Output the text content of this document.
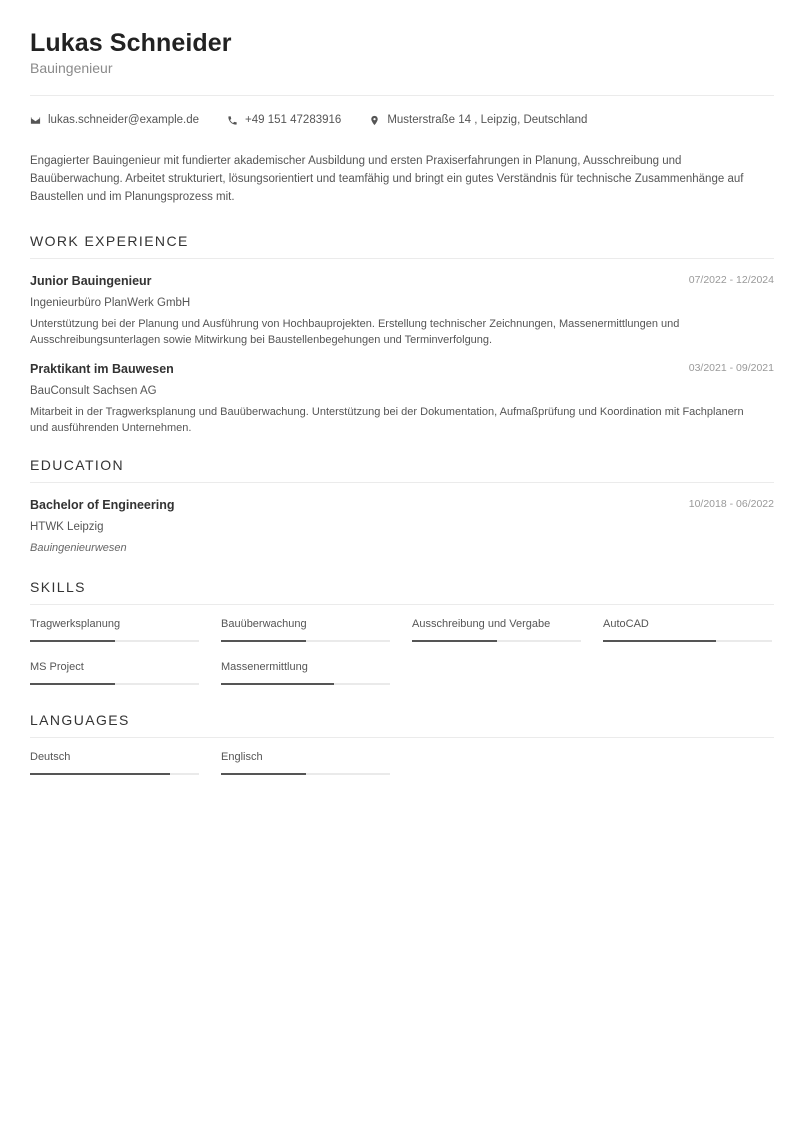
Lukas Schneider
Bauingenieur
lukas.schneider@example.de	+49 151 47283916	Musterstraße 14 , Leipzig, Deutschland
Engagierter Bauingenieur mit fundierter akademischer Ausbildung und ersten Praxiserfahrungen in Planung, Ausschreibung und Bauüberwachung. Arbeitet strukturiert, lösungsorientiert und teamfähig und bringt ein gutes Verständnis für technische Zusammenhänge auf Baustellen und im Planungsprozess mit.
WORK EXPERIENCE
Junior Bauingenieur	07/2022 - 12/2024
Ingenieurbüro PlanWerk GmbH
Unterstützung bei der Planung und Ausführung von Hochbauprojekten. Erstellung technischer Zeichnungen, Massenermittlungen und Ausschreibungsunterlagen sowie Mitwirkung bei Baustellenbegehungen und Terminverfolgung.
Praktikant im Bauwesen	03/2021 - 09/2021
BauConsult Sachsen AG
Mitarbeit in der Tragwerksplanung und Bauüberwachung. Unterstützung bei der Dokumentation, Aufmaßprüfung und Koordination mit Fachplanern und ausführenden Unternehmen.
EDUCATION
Bachelor of Engineering	10/2018 - 06/2022
HTWK Leipzig
Bauingenieurwesen
SKILLS
Tragwerksplanung	Bauüberwachung	Ausschreibung und Vergabe	AutoCAD
MS Project	Massenermittlung
LANGUAGES
Deutsch	Englisch
